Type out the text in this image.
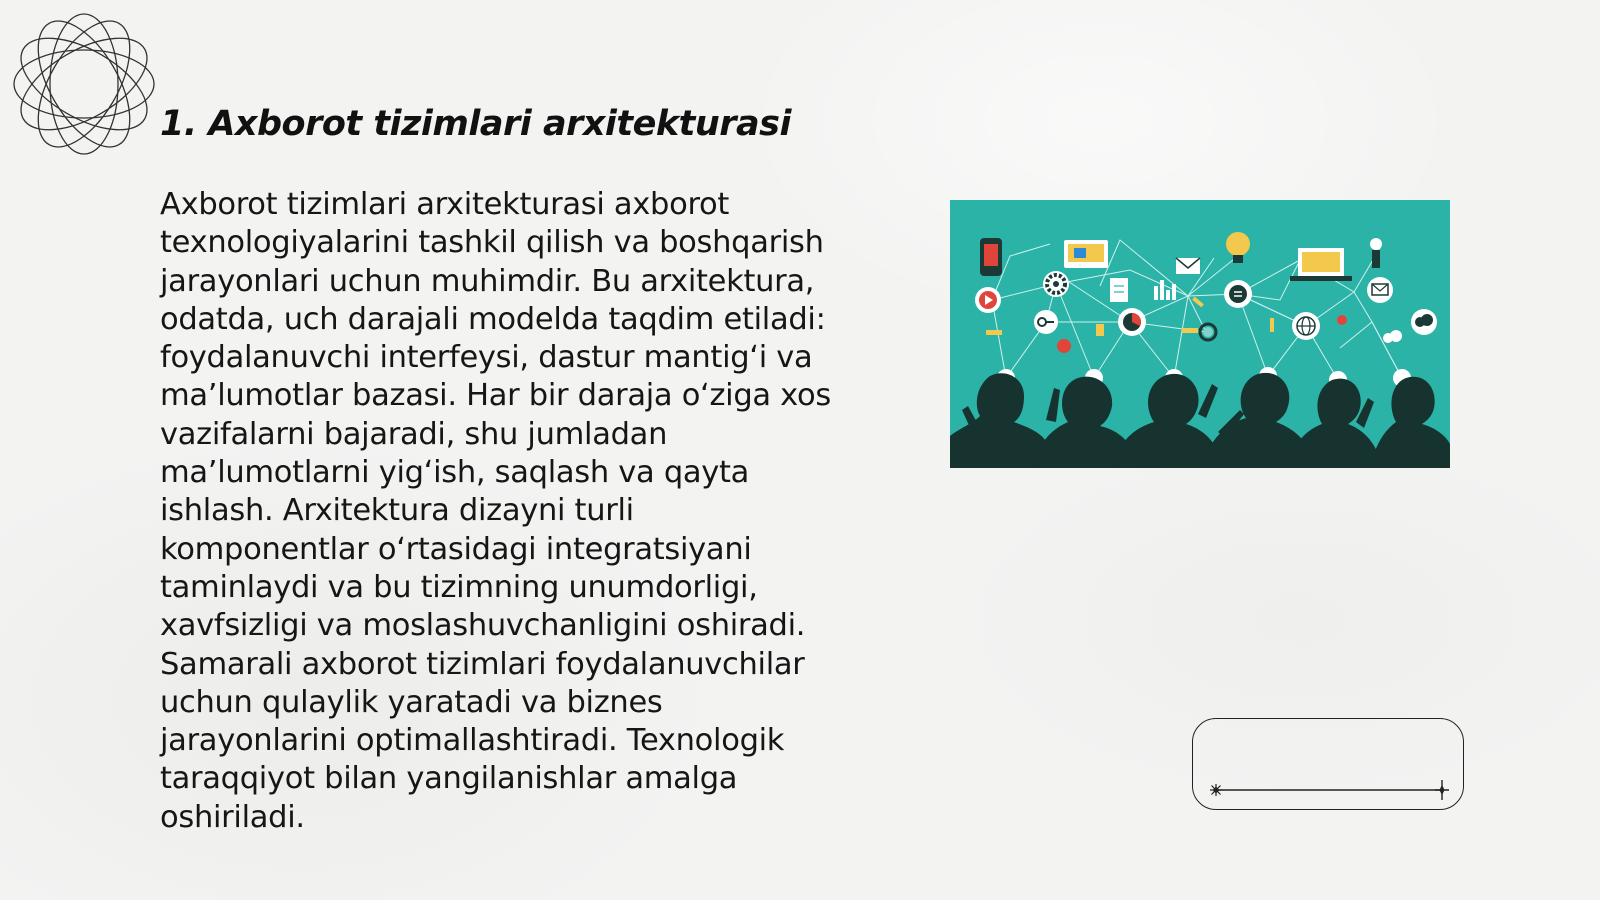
1. Axborot tizimlari arxitekturasi

Axborot tizimlari arxitekturasi axborot texnologiyalarini tashkil qilish va boshqarish jarayonlari uchun muhimdir. Bu arxitektura, odatda, uch darajali modelda taqdim etiladi: foydalanuvchi interfeysi, dastur mantig‘i va ma’lumotlar bazasi. Har bir daraja o‘ziga xos vazifalarni bajaradi, shu jumladan ma’lumotlarni yig‘ish, saqlash va qayta ishlash. Arxitektura dizayni turli komponentlar o‘rtasidagi integratsiyani taminlaydi va bu tizimning unumdorligi, xavfsizligi va moslashuvchanligini oshiradi. Samarali axborot tizimlari foydalanuvchilar uchun qulaylik yaratadi va biznes jarayonlarini optimallashtiradi. Texnologik taraqqiyot bilan yangilanishlar amalga oshiriladi.
